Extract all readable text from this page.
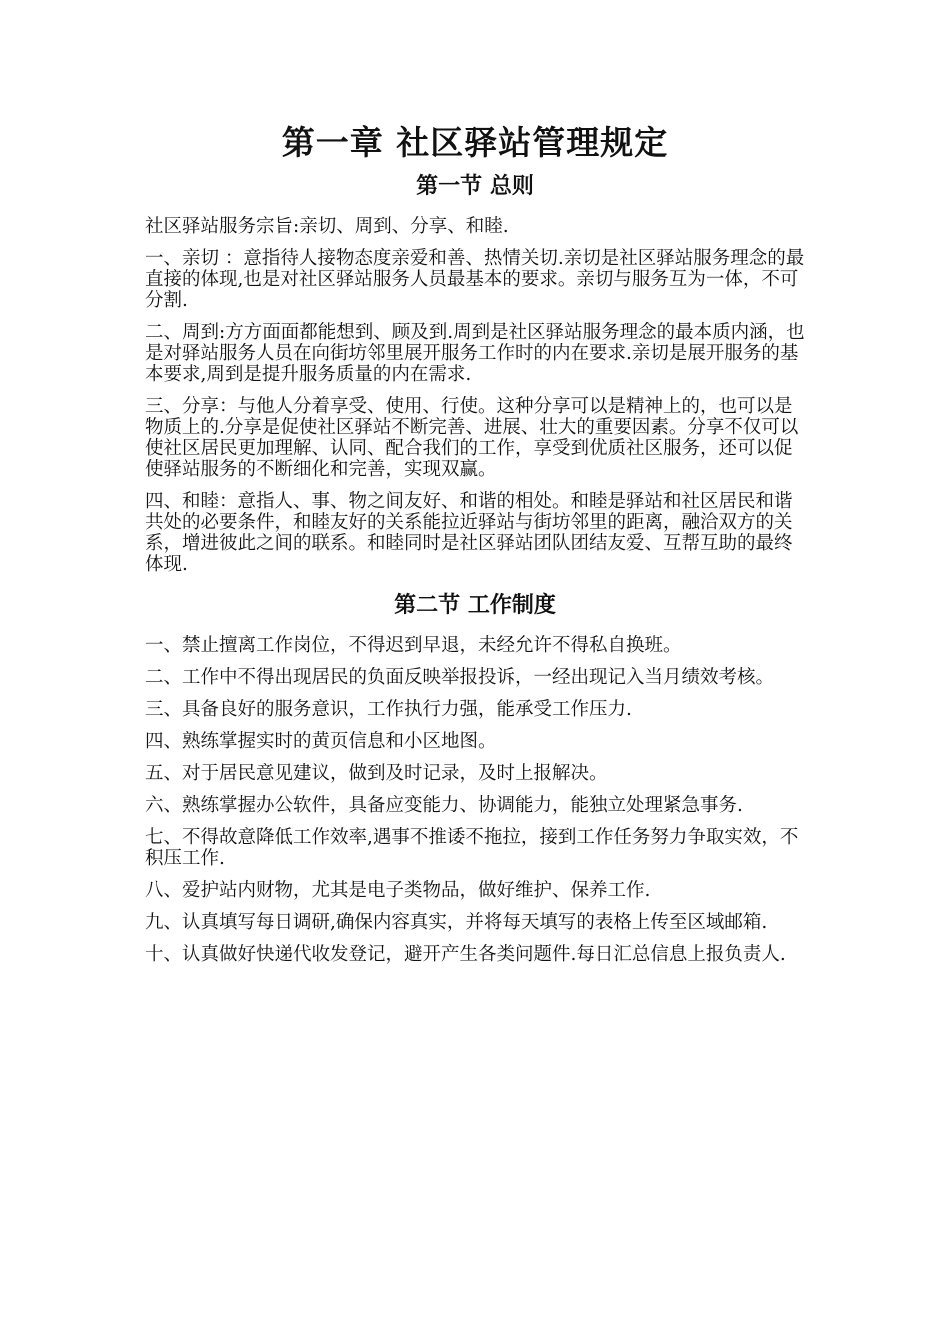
第一章 社区驿站管理规定
第一节 总则

社区驿站服务宗旨:亲切、周到、分享、和睦.

一、亲切 ：意指待人接物态度亲爱和善、热情关切.亲切是社区驿站服务理念的最直接的体现,也是对社区驿站服务人员最基本的要求。亲切与服务互为一体，不可分割.

二、周到:方方面面都能想到、顾及到.周到是社区驿站服务理念的最本质内涵，也是对驿站服务人员在向街坊邻里展开服务工作时的内在要求.亲切是展开服务的基本要求,周到是提升服务质量的内在需求.

三、分享：与他人分着享受、使用、行使。这种分享可以是精神上的，也可以是物质上的.分享是促使社区驿站不断完善、进展、壮大的重要因素。分享不仅可以使社区居民更加理解、认同、配合我们的工作，享受到优质社区服务，还可以促使驿站服务的不断细化和完善，实现双赢。

四、和睦：意指人、事、物之间友好、和谐的相处。和睦是驿站和社区居民和谐共处的必要条件，和睦友好的关系能拉近驿站与街坊邻里的距离，融洽双方的关系，增进彼此之间的联系。和睦同时是社区驿站团队团结友爱、互帮互助的最终体现.

第二节 工作制度

一、禁止擅离工作岗位，不得迟到早退，未经允许不得私自换班。

二、工作中不得出现居民的负面反映举报投诉，一经出现记入当月绩效考核。

三、具备良好的服务意识，工作执行力强，能承受工作压力.

四、熟练掌握实时的黄页信息和小区地图。

五、对于居民意见建议，做到及时记录，及时上报解决。

六、熟练掌握办公软件，具备应变能力、协调能力，能独立处理紧急事务.

七、不得故意降低工作效率,遇事不推诿不拖拉，接到工作任务努力争取实效，不积压工作.

八、爱护站内财物，尤其是电子类物品，做好维护、保养工作.

九、认真填写每日调研,确保内容真实，并将每天填写的表格上传至区域邮箱.

十、认真做好快递代收发登记，避开产生各类问题件.每日汇总信息上报负责人.
